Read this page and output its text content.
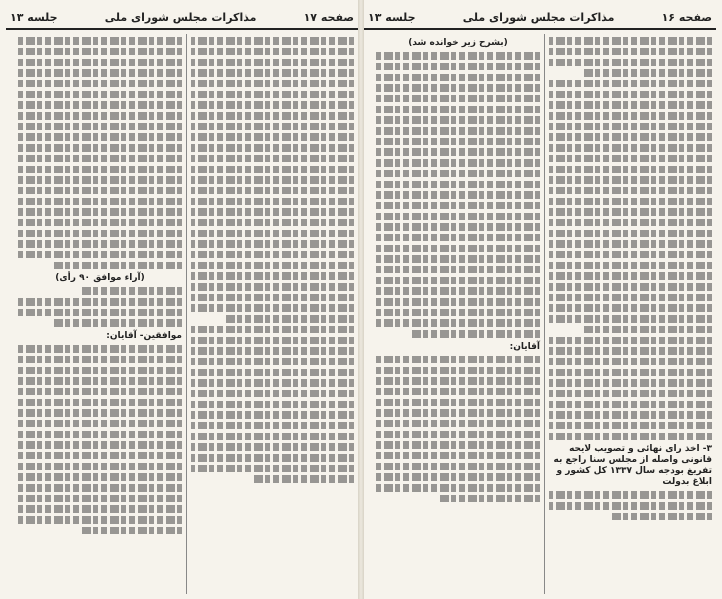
صفحه ۱۷
مذاکرات مجلس شورای ملی
جلسه ۱۳
(آراء موافق ۹۰ رأی)
موافقین- آقایان:
صفحه ۱۶
مذاکرات مجلس شورای ملی
جلسه ۱۳
۳- اخذ رای نهائی و تصویب لایحه قانونی واصله از مجلس سنا راجع به تفریغ بودجه سال ۱۳۳۷ کل کشور و ابلاغ بدولت
(بشرح زیر خوانده شد)
آقایان:
